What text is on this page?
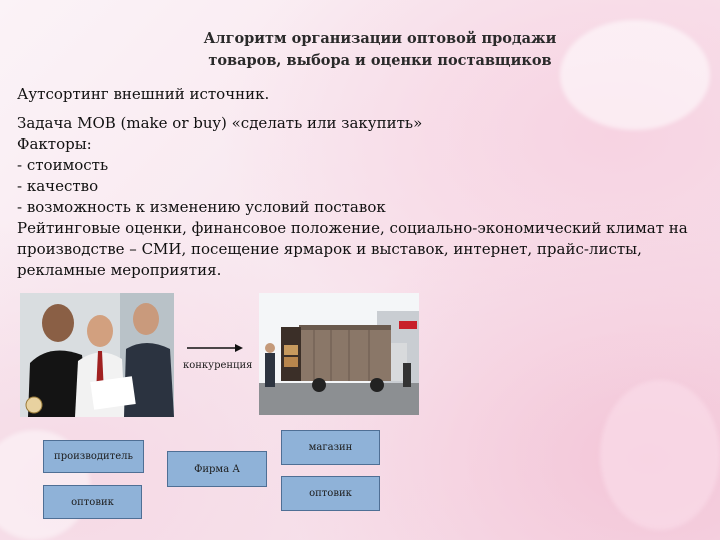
Алгоритм организации оптовой продажи
товаров, выбора и оценки поставщиков
Аутсортинг внешний источник.
Задача MOB (make or buy) «сделать или закупить»
Факторы:
- стоимость
- качество
- возможность к изменению условий поставок
Рейтинговые оценки, финансовое положение, социально-экономический климат на
производстве – СМИ, посещение ярмарок и выставок, интернет, прайс-листы,
рекламные мероприятия.
конкуренция
производитель
оптовик
Фирма А
магазин
оптовик
